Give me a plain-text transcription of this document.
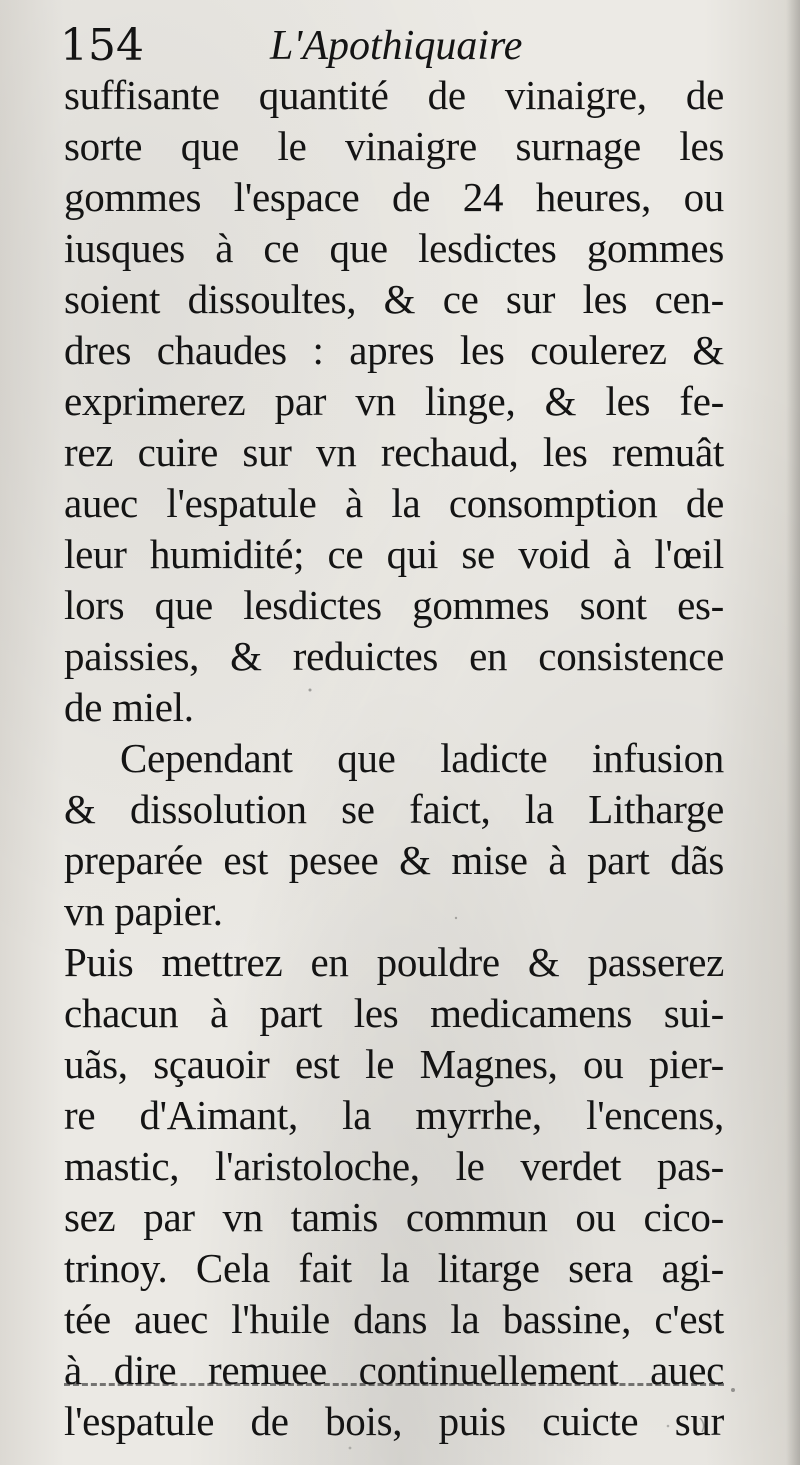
154	L'Apothiquaire
suffisante quantité de vinaigre, de
sorte que le vinaigre surnage les
gommes l'espace de 24 heures, ou
iusques à ce que lesdictes gommes
soient dissoultes, & ce sur les cen-
dres chaudes : apres les coulerez &
exprimerez par vn linge, & les fe-
rez cuire sur vn rechaud, les remuât
auec l'espatule à la consomption de
leur humidité; ce qui se void à l'œil
lors que lesdictes gommes sont es-
paissies, & reduictes en consistence
de miel.
Cependant que ladicte infusion
& dissolution se faict, la Litharge
preparée est pesee & mise à part dãs
vn papier.
Puis mettrez en pouldre & passerez
chacun à part les medicamens sui-
uãs, sçauoir est le Magnes, ou pier-
re d'Aimant, la myrrhe, l'encens,
mastic, l'aristoloche, le verdet pas-
sez par vn tamis commun ou cico-
trinoy. Cela fait la litarge sera agi-
tée auec l'huile dans la bassine, c'est
à dire remuee continuellement auec
l'espatule de bois, puis cuicte sur
